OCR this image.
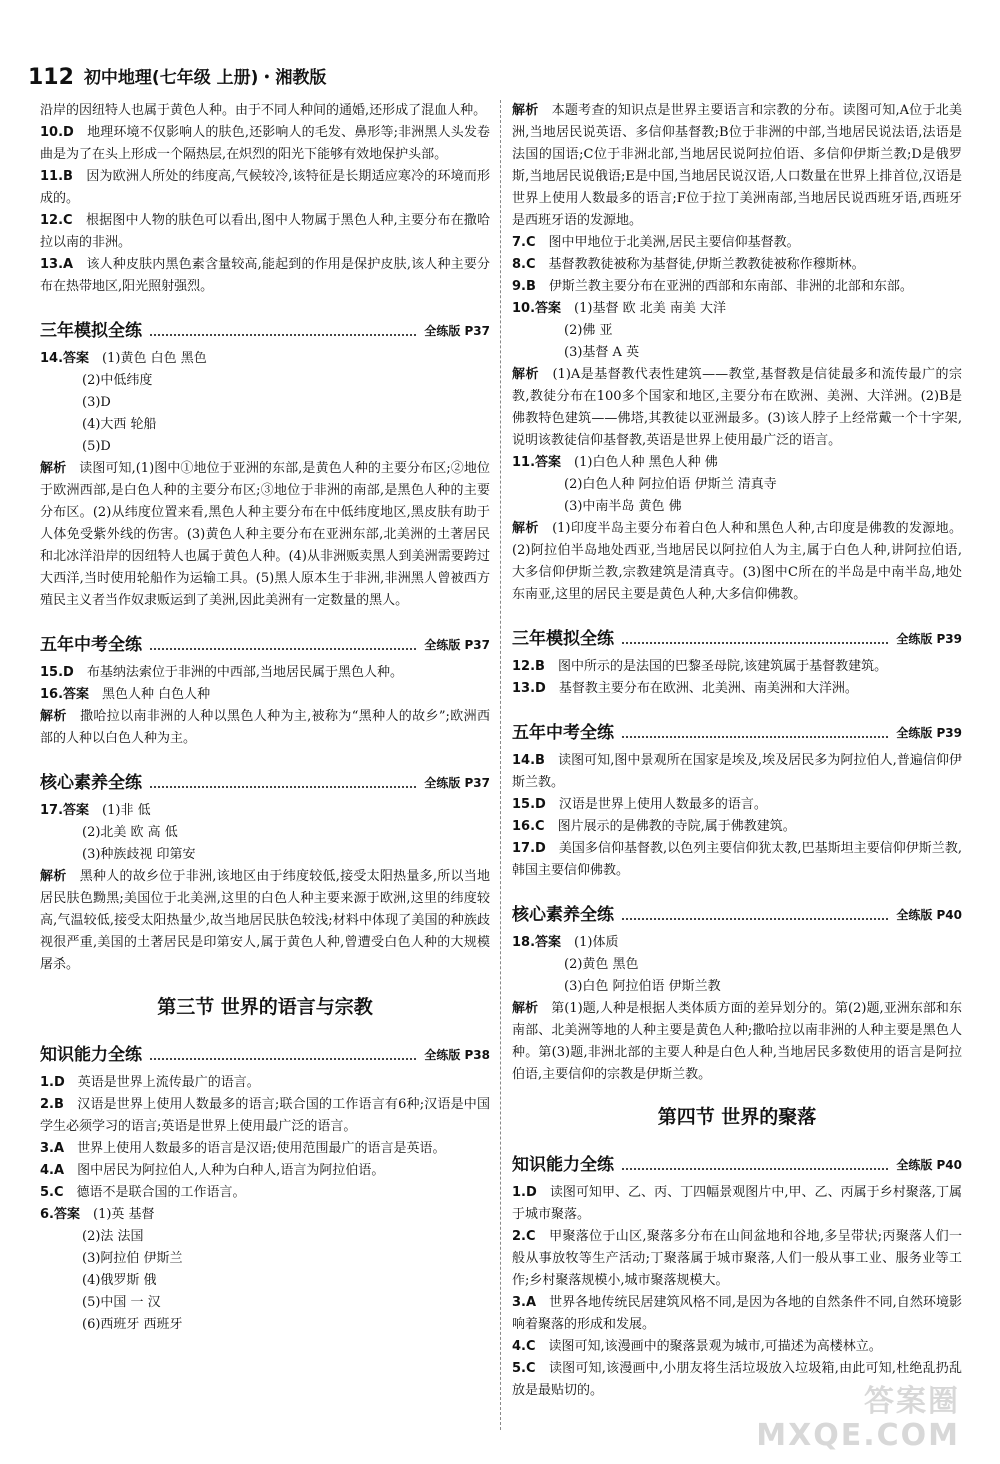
112 初中地理(七年级 上册)・湘教版

沿岸的因纽特人也属于黄色人种。由于不同人种间的通婚,还形成了混血人种。

10.D　 地理环境不仅影响人的肤色,还影响人的毛发、鼻形等;非洲黑人头发卷曲是为了在头上形成一个隔热层,在炽烈的阳光下能够有效地保护头部。

11.B　 因为欧洲人所处的纬度高,气候较冷,该特征是长期适应寒冷的环境而形成的。

12.C　 根据图中人物的肤色可以看出,图中人物属于黑色人种,主要分布在撒哈拉以南的非洲。

13.A　 该人种皮肤内黑色素含量较高,能起到的作用是保护皮肤,该人种主要分布在热带地区,阳光照射强烈。

三年模拟全练	全练版 P37

14.答案　 (1)黄色 白色 黑色

(2)中低纬度

(3)D

(4)大西 轮船

(5)D

解析　 读图可知,(1)图中①地位于亚洲的东部,是黄色人种的主要分布区;②地位于欧洲西部,是白色人种的主要分布区;③地位于非洲的南部,是黑色人种的主要分布区。(2)从纬度位置来看,黑色人种主要分布在中低纬度地区,黑皮肤有助于人体免受紫外线的伤害。(3)黄色人种主要分布在亚洲东部,北美洲的土著居民和北冰洋沿岸的因纽特人也属于黄色人种。(4)从非洲贩卖黑人到美洲需要跨过大西洋,当时使用轮船作为运输工具。(5)黑人原本生于非洲,非洲黑人曾被西方殖民主义者当作奴隶贩运到了美洲,因此美洲有一定数量的黑人。

五年中考全练	全练版 P37

15.D　 布基纳法索位于非洲的中西部,当地居民属于黑色人种。

16.答案　 黑色人种 白色人种

解析　 撒哈拉以南非洲的人种以黑色人种为主,被称为“黑种人的故乡”;欧洲西部的人种以白色人种为主。

核心素养全练	全练版 P37

17.答案　 (1)非 低

(2)北美 欧 高 低

(3)种族歧视 印第安

解析　 黑种人的故乡位于非洲,该地区由于纬度较低,接受太阳热量多,所以当地居民肤色黝黑;美国位于北美洲,这里的白色人种主要来源于欧洲,这里的纬度较高,气温较低,接受太阳热量少,故当地居民肤色较浅;材料中体现了美国的种族歧视很严重,美国的土著居民是印第安人,属于黄色人种,曾遭受白色人种的大规模屠杀。

第三节 世界的语言与宗教
知识能力全练	全练版 P38

1.D　 英语是世界上流传最广的语言。

2.B　 汉语是世界上使用人数最多的语言;联合国的工作语言有6种;汉语是中国学生必须学习的语言;英语是世界上使用最广泛的语言。

3.A　 世界上使用人数最多的语言是汉语;使用范围最广的语言是英语。

4.A　 图中居民为阿拉伯人,人种为白种人,语言为阿拉伯语。

5.C　 德语不是联合国的工作语言。

6.答案　 (1)英 基督

(2)法 法国

(3)阿拉伯 伊斯兰

(4)俄罗斯 俄

(5)中国 一 汉

(6)西班牙 西班牙

解析　 本题考查的知识点是世界主要语言和宗教的分布。读图可知,A位于北美洲,当地居民说英语、多信仰基督教;B位于非洲的中部,当地居民说法语,法语是法国的国语;C位于非洲北部,当地居民说阿拉伯语、多信仰伊斯兰教;D是俄罗斯,当地居民说俄语;E是中国,当地居民说汉语,人口数量在世界上排首位,汉语是世界上使用人数最多的语言;F位于拉丁美洲南部,当地居民说西班牙语,西班牙是西班牙语的发源地。

7.C　 图中甲地位于北美洲,居民主要信仰基督教。

8.C　 基督教教徒被称为基督徒,伊斯兰教教徒被称作穆斯林。

9.B　 伊斯兰教主要分布在亚洲的西部和东南部、非洲的北部和东部。

10.答案　 (1)基督 欧 北美 南美 大洋

(2)佛 亚

(3)基督 A 英

解析　 (1)A是基督教代表性建筑——教堂,基督教是信徒最多和流传最广的宗教,教徒分布在100多个国家和地区,主要分布在欧洲、美洲、大洋洲。(2)B是佛教特色建筑——佛塔,其教徒以亚洲最多。(3)该人脖子上经常戴一个十字架,说明该教徒信仰基督教,英语是世界上使用最广泛的语言。

11.答案　 (1)白色人种 黑色人种 佛

(2)白色人种 阿拉伯语 伊斯兰 清真寺

(3)中南半岛 黄色 佛

解析　 (1)印度半岛主要分布着白色人种和黑色人种,古印度是佛教的发源地。(2)阿拉伯半岛地处西亚,当地居民以阿拉伯人为主,属于白色人种,讲阿拉伯语,大多信仰伊斯兰教,宗教建筑是清真寺。(3)图中C所在的半岛是中南半岛,地处东南亚,这里的居民主要是黄色人种,大多信仰佛教。

三年模拟全练	全练版 P39

12.B　 图中所示的是法国的巴黎圣母院,该建筑属于基督教建筑。

13.D　 基督教主要分布在欧洲、北美洲、南美洲和大洋洲。

五年中考全练	全练版 P39

14.B　 读图可知,图中景观所在国家是埃及,埃及居民多为阿拉伯人,普遍信仰伊斯兰教。

15.D　 汉语是世界上使用人数最多的语言。

16.C　 图片展示的是佛教的寺院,属于佛教建筑。

17.D　 美国多信仰基督教,以色列主要信仰犹太教,巴基斯坦主要信仰伊斯兰教,韩国主要信仰佛教。

核心素养全练	全练版 P40

18.答案　 (1)体质

(2)黄色 黑色

(3)白色 阿拉伯语 伊斯兰教

解析　 第(1)题,人种是根据人类体质方面的差异划分的。第(2)题,亚洲东部和东南部、北美洲等地的人种主要是黄色人种;撒哈拉以南非洲的人种主要是黑色人种。第(3)题,非洲北部的主要人种是白色人种,当地居民多数使用的语言是阿拉伯语,主要信仰的宗教是伊斯兰教。

第四节 世界的聚落
知识能力全练	全练版 P40

1.D　 读图可知甲、乙、丙、丁四幅景观图片中,甲、乙、丙属于乡村聚落,丁属于城市聚落。

2.C　 甲聚落位于山区,聚落多分布在山间盆地和谷地,多呈带状;丙聚落人们一般从事放牧等生产活动;丁聚落属于城市聚落,人们一般从事工业、服务业等工作;乡村聚落规模小,城市聚落规模大。

3.A　 世界各地传统民居建筑风格不同,是因为各地的自然条件不同,自然环境影响着聚落的形成和发展。

4.C　 读图可知,该漫画中的聚落景观为城市,可描述为高楼林立。

5.C　 读图可知,该漫画中,小朋友将生活垃圾放入垃圾箱,由此可知,杜绝乱扔乱放是最贴切的。	答案圈
MXQE.COM
